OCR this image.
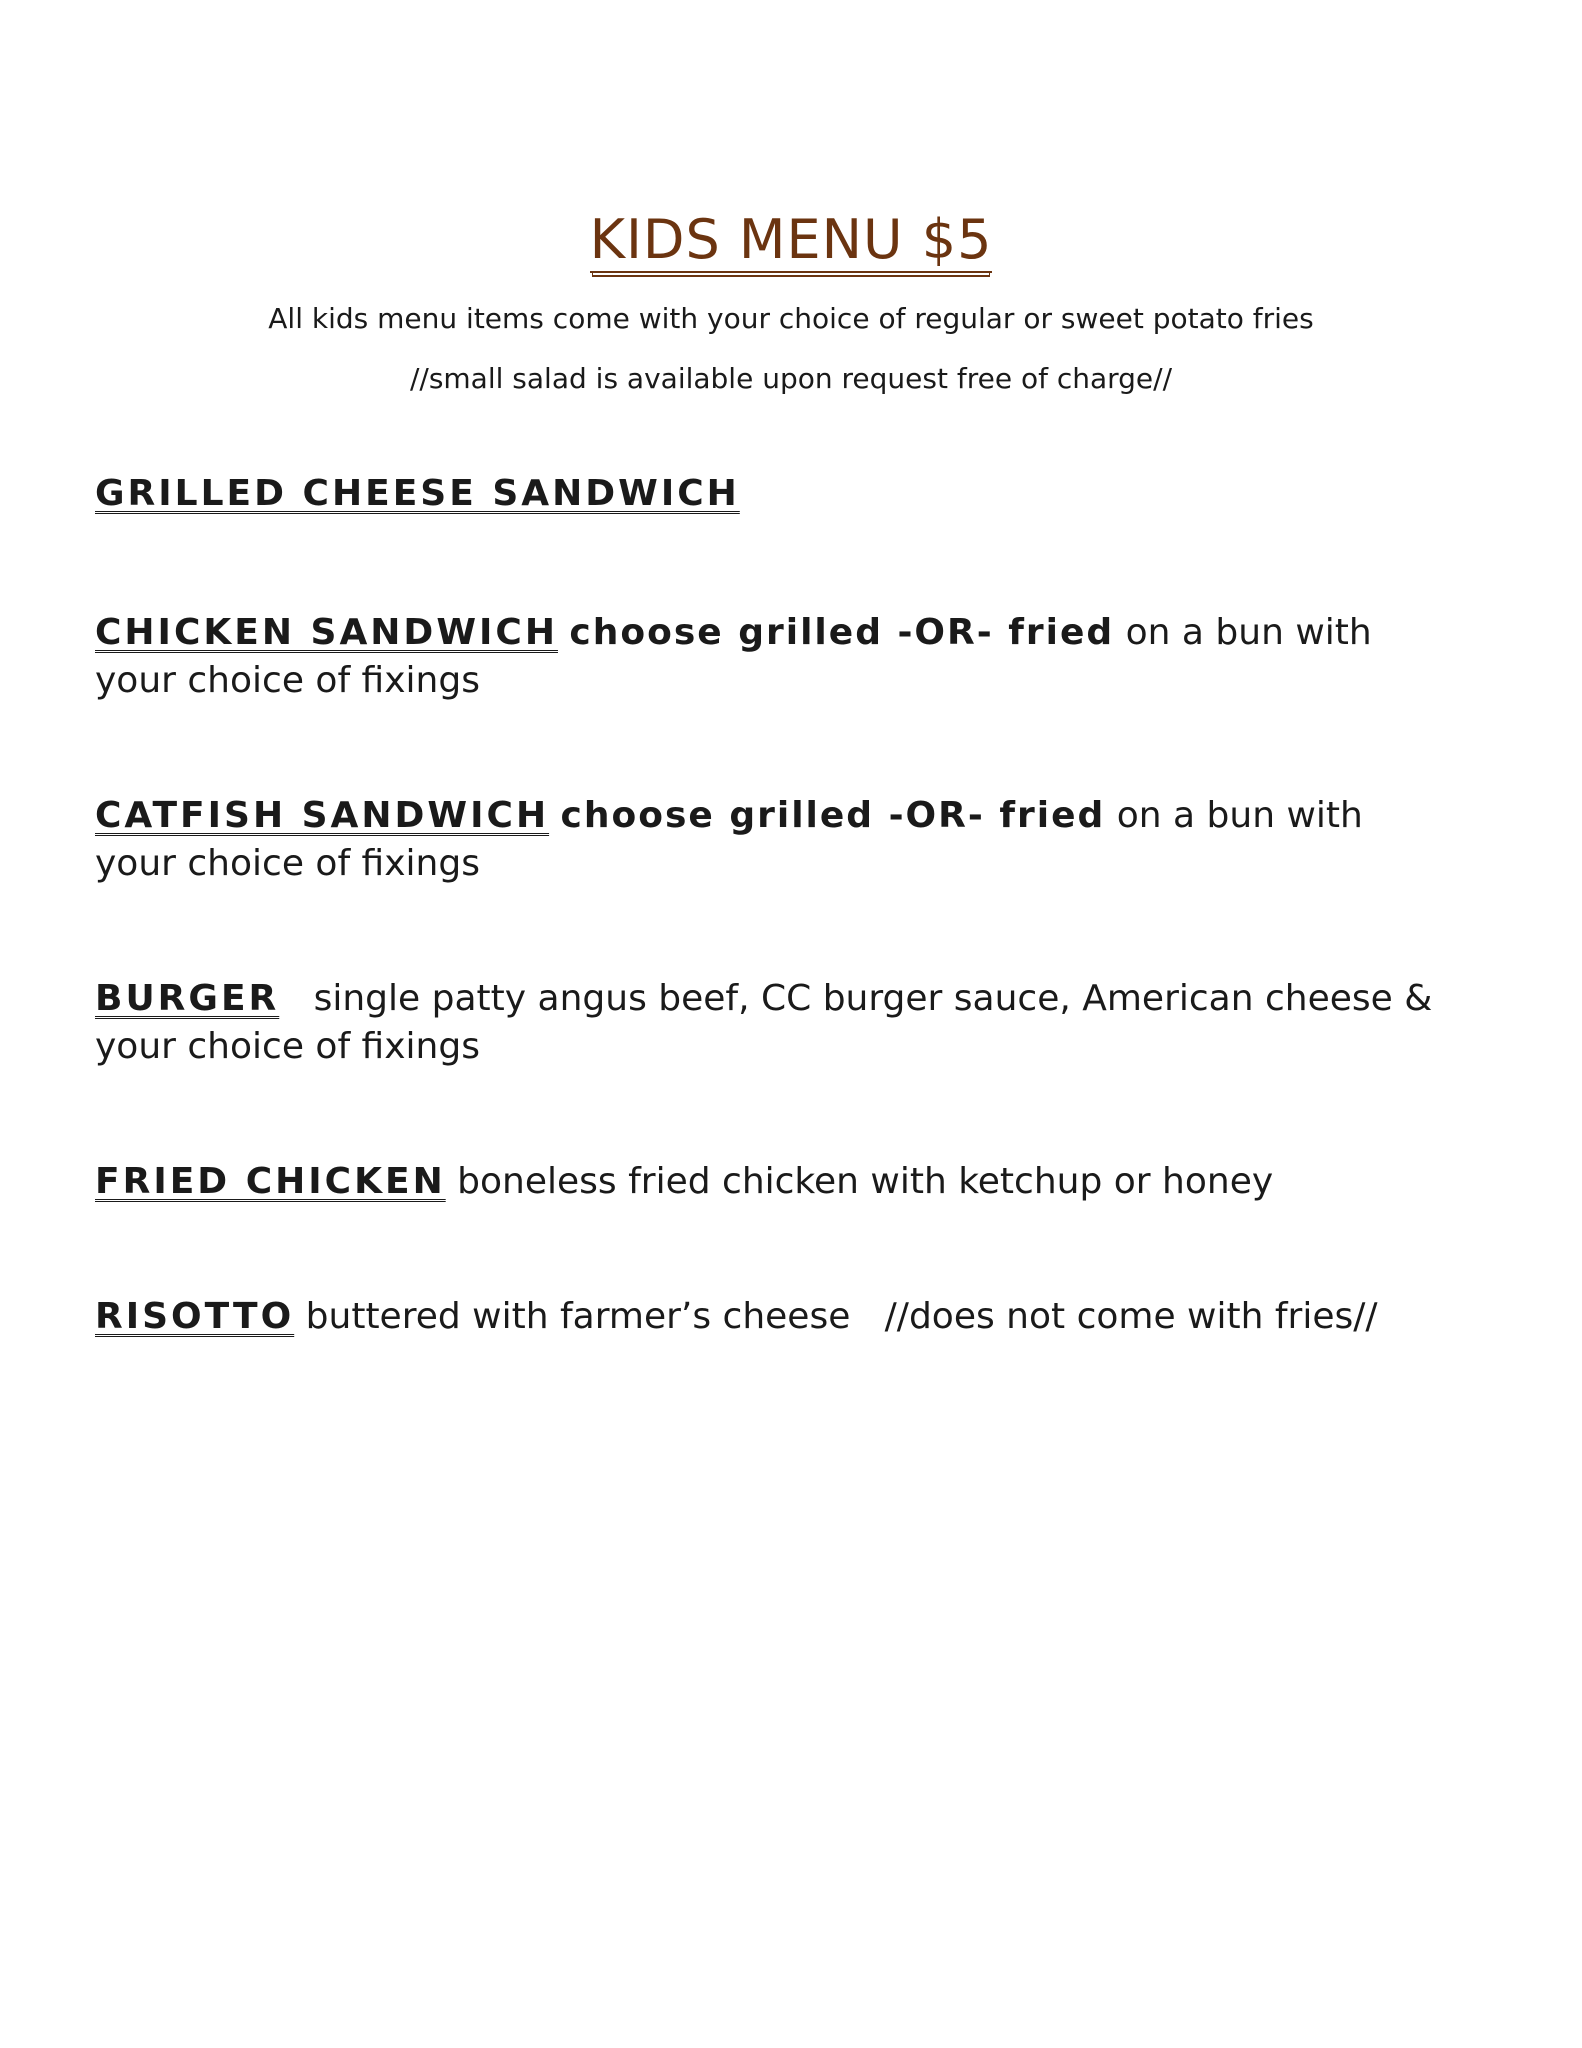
KIDS MENU $5
All kids menu items come with your choice of regular or sweet potato fries
//small salad is available upon request free of charge//
GRILLED CHEESE SANDWICH
CHICKEN SANDWICH choose grilled -OR- fried on a bun with your choice of fixings
CATFISH SANDWICH choose grilled -OR- fried on a bun with your choice of fixings
BURGER single patty angus beef, CC burger sauce, American cheese & your choice of fixings
FRIED CHICKEN boneless fried chicken with ketchup or honey
RISOTTO buttered with farmer’s cheese   //does not come with fries//
